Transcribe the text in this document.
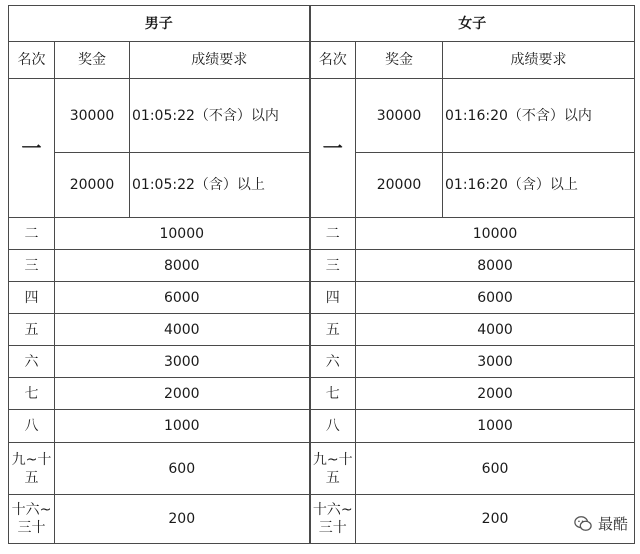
男子			女子		
名次	奖金	成绩要求	名次	奖金	成绩要求
一	30000	01:05:22（不含）以内	一	30000	01:16:20（不含）以内
	20000	01:05:22（含）以上		20000	01:16:20（含）以上
二	10000		二	10000	
三	8000		三	8000	
四	6000		四	6000	
五	4000		五	4000	
六	3000		六	3000	
七	2000		七	2000	
八	1000		八	1000	
九~十五	600		九~十五	600	
十六~三十	200		十六~三十	200		最酷
